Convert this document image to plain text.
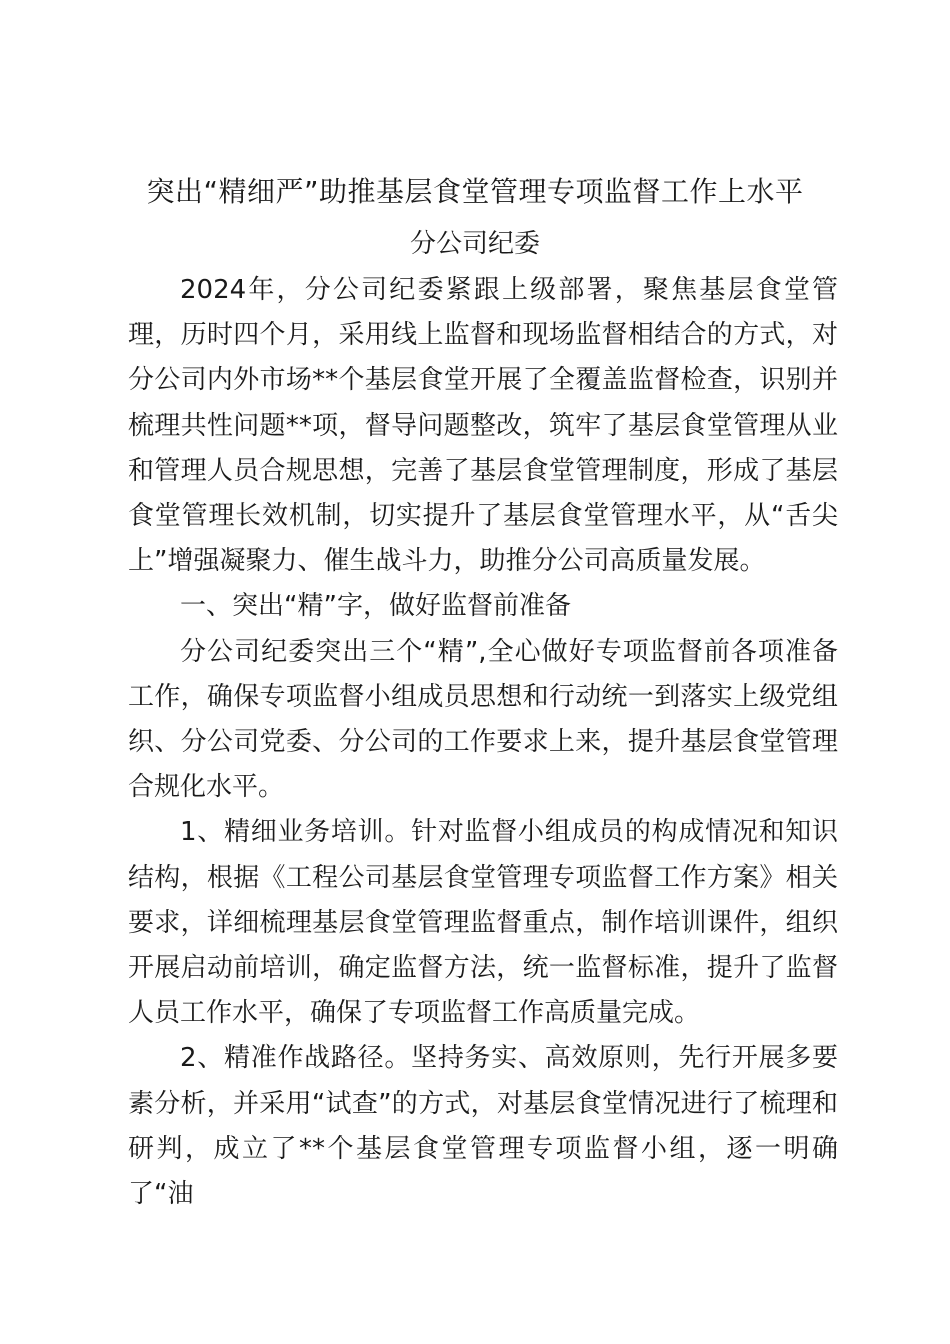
突出“精细严”助推基层食堂管理专项监督工作上水平
分公司纪委

2024年，分公司纪委紧跟上级部署，聚焦基层食堂管理，历时四个月，采用线上监督和现场监督相结合的方式，对分公司内外市场**个基层食堂开展了全覆盖监督检查，识别并梳理共性问题**项，督导问题整改，筑牢了基层食堂管理从业和管理人员合规思想，完善了基层食堂管理制度，形成了基层食堂管理长效机制，切实提升了基层食堂管理水平，从“舌尖上”增强凝聚力、催生战斗力，助推分公司高质量发展。

一、突出“精”字，做好监督前准备

分公司纪委突出三个“精”,全心做好专项监督前各项准备工作，确保专项监督小组成员思想和行动统一到落实上级党组织、分公司党委、分公司的工作要求上来，提升基层食堂管理合规化水平。

1、精细业务培训。针对监督小组成员的构成情况和知识结构，根据《工程公司基层食堂管理专项监督工作方案》相关要求，详细梳理基层食堂管理监督重点，制作培训课件，组织开展启动前培训，确定监督方法，统一监督标准，提升了监督人员工作水平，确保了专项监督工作高质量完成。

2、精准作战路径。坚持务实、高效原则，先行开展多要素分析，并采用“试查”的方式，对基层食堂情况进行了梳理和研判，成立了**个基层食堂管理专项监督小组，逐一明确了“油
